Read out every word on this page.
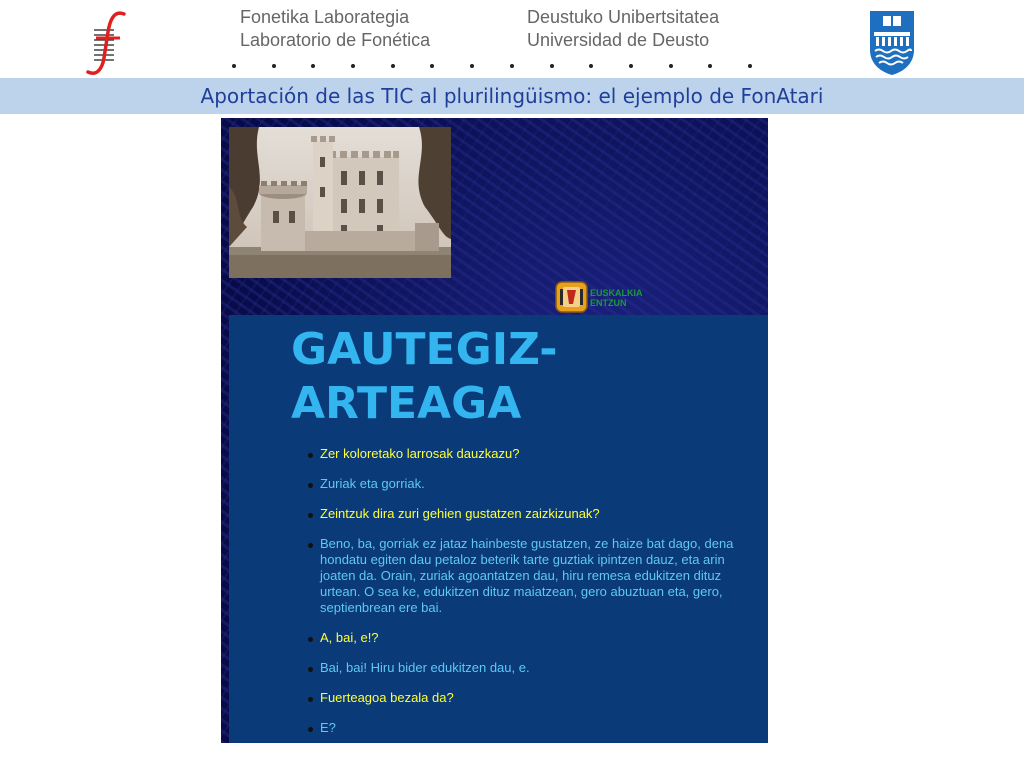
Fonetika Laborategia
Laboratorio de Fonética
Deustuko Unibertsitatea
Universidad de Deusto
Aportación de las TIC al plurilingüismo: el ejemplo de FonAtari
EUSKALKIA
ENTZUN
GAUTEGIZ-
ARTEAGA
Zer koloretako larrosak dauzkazu?
Zuriak eta gorriak.
Zeintzuk dira zuri gehien gustatzen zaizkizunak?
Beno, ba, gorriak ez jataz hainbeste gustatzen, ze haize bat dago, dena hondatu egiten dau petaloz beterik tarte guztiak ipintzen dauz, eta arin joaten da. Orain, zuriak agoantatzen dau, hiru remesa edukitzen dituz urtean. O sea ke, edukitzen dituz maiatzean, gero abuztuan eta, gero, septienbrean ere bai.
A, bai, e!?
Bai, bai! Hiru bider edukitzen dau, e.
Fuerteagoa bezala da?
E?
